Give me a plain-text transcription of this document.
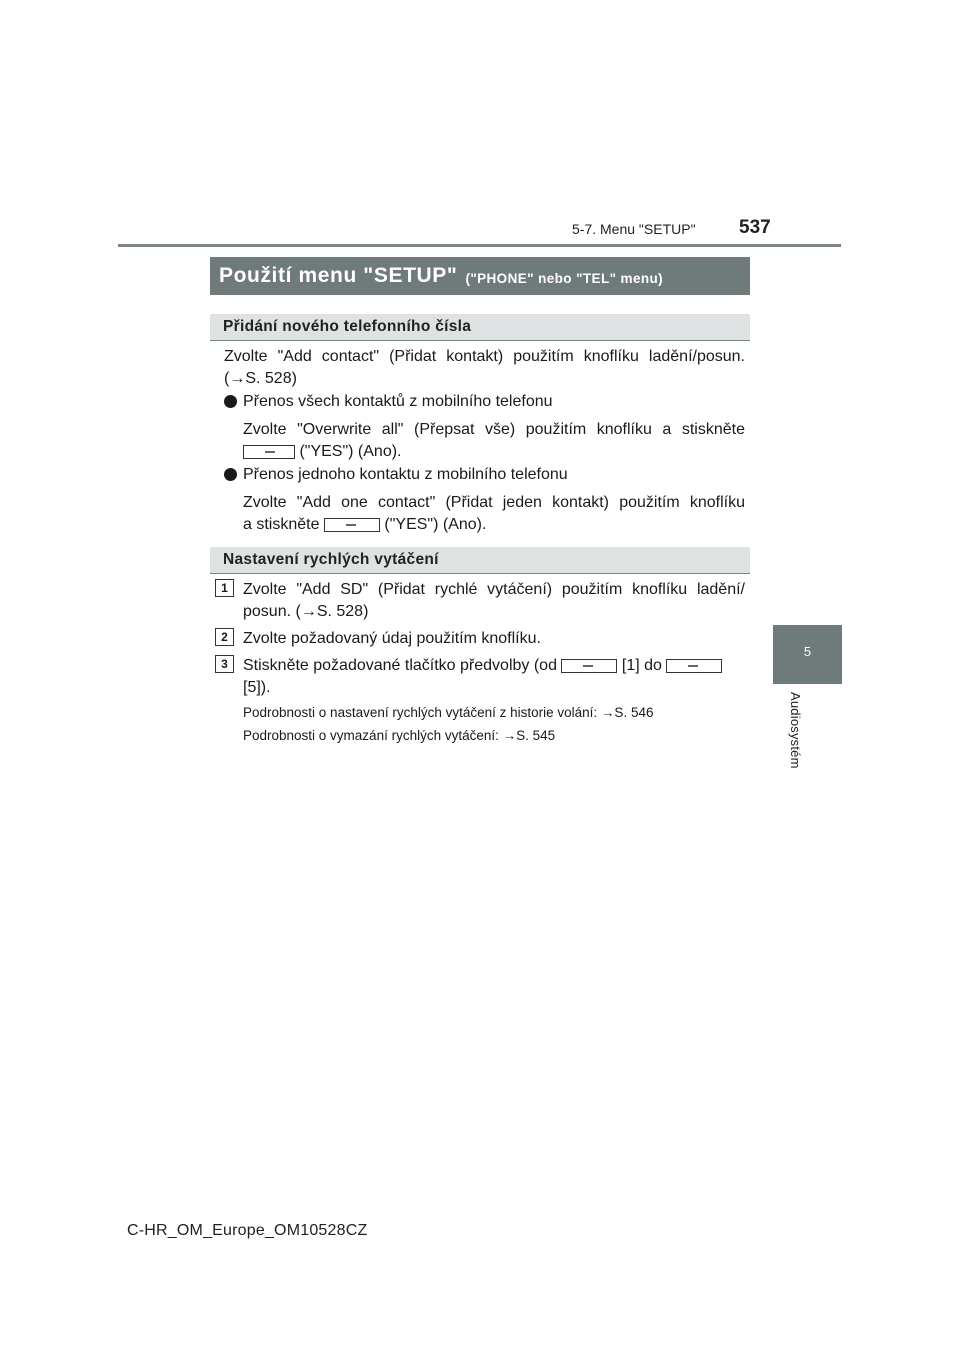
5-7. Menu "SETUP" 537
5
Audiosystém
Použití menu "SETUP" ("PHONE" nebo "TEL" menu)
Přidání nového telefonního čísla
Zvolte "Add contact" (Přidat kontakt) použitím knoflíku ladění/posun.
(→S. 528)
Přenos všech kontaktů z mobilního telefonu
Zvolte "Overwrite all" (Přepsat vše) použitím knoflíku a stiskněte
("YES") (Ano).
Přenos jednoho kontaktu z mobilního telefonu
Zvolte "Add one contact" (Přidat jeden kontakt) použitím knoflíku
a stiskněte	("YES") (Ano).
Nastavení rychlých vytáčení
1 Zvolte "Add SD" (Přidat rychlé vytáčení) použitím knoflíku ladění/
posun. (→S. 528)
2 Zvolte požadovaný údaj použitím knoflíku.
3 Stiskněte požadované tlačítko předvolby (od	[1] do
[5]).
Podrobnosti o nastavení rychlých vytáčení z historie volání: →S. 546
Podrobnosti o vymazání rychlých vytáčení: →S. 545
C-HR_OM_Europe_OM10528CZ
